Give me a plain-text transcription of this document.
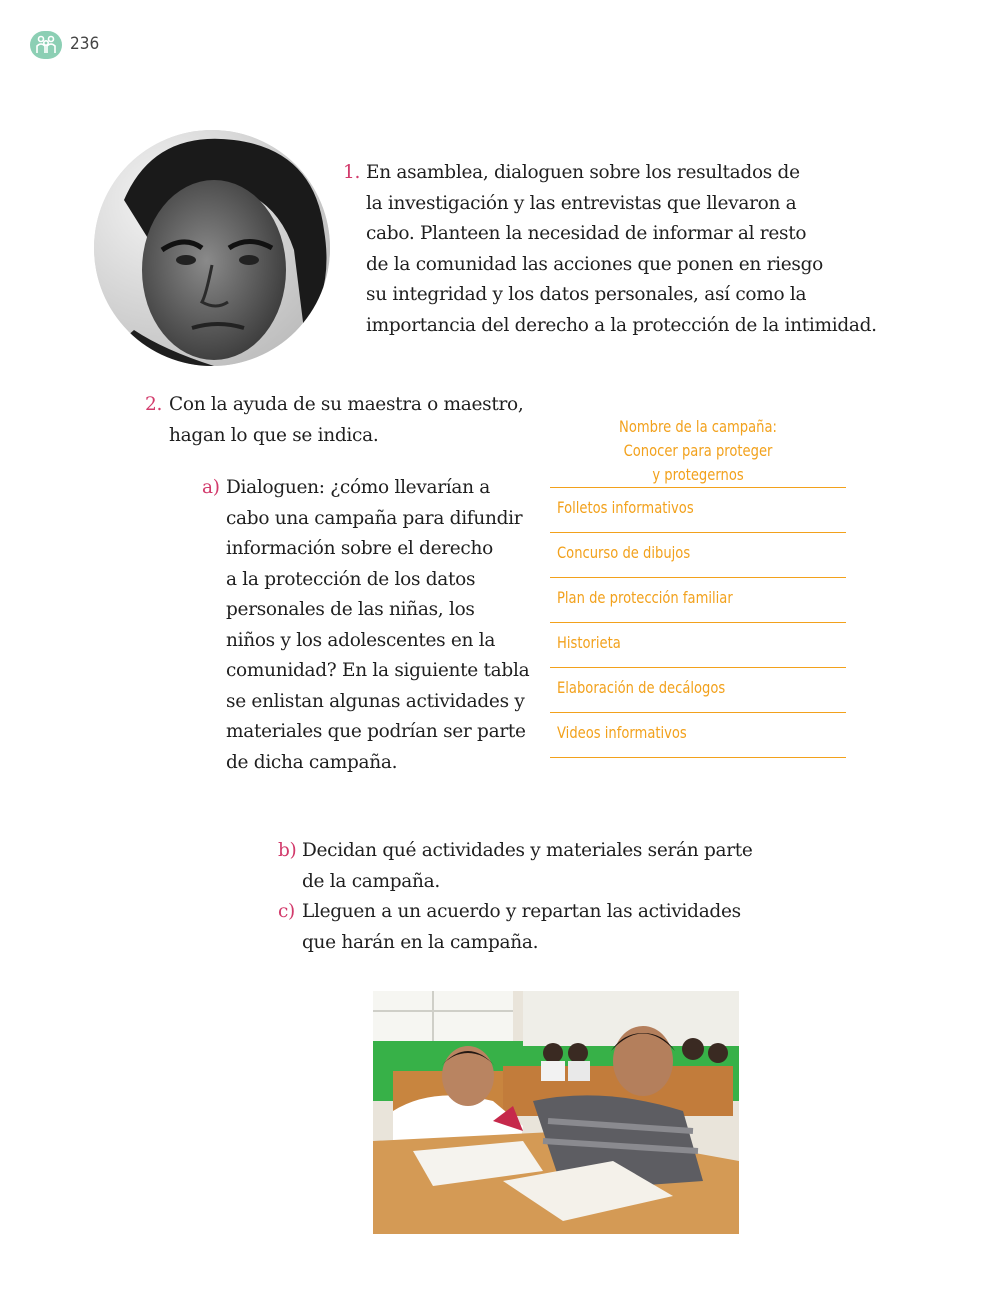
236
1. En asamblea, dialoguen sobre los resultados de
la investigación y las entrevistas que llevaron a
cabo. Planteen la necesidad de informar al resto
de la comunidad las acciones que ponen en riesgo
su integridad y los datos personales, así como la
importancia del derecho a la protección de la intimidad.
2. Con la ayuda de su maestra o maestro,
hagan lo que se indica.
a) Dialoguen: ¿cómo llevarían a
cabo una campaña para difundir
información sobre el derecho
a la protección de los datos
personales de las niñas, los
niños y los adolescentes en la
comunidad? En la siguiente tabla
se enlistan algunas actividades y
materiales que podrían ser parte
de dicha campaña.
Nombre de la campaña:
Conocer para proteger
y protegernos
Folletos informativos
Concurso de dibujos
Plan de protección familiar
Historieta
Elaboración de decálogos
Videos informativos
b) Decidan qué actividades y materiales serán parte
de la campaña.
c) Lleguen a un acuerdo y repartan las actividades
que harán en la campaña.
